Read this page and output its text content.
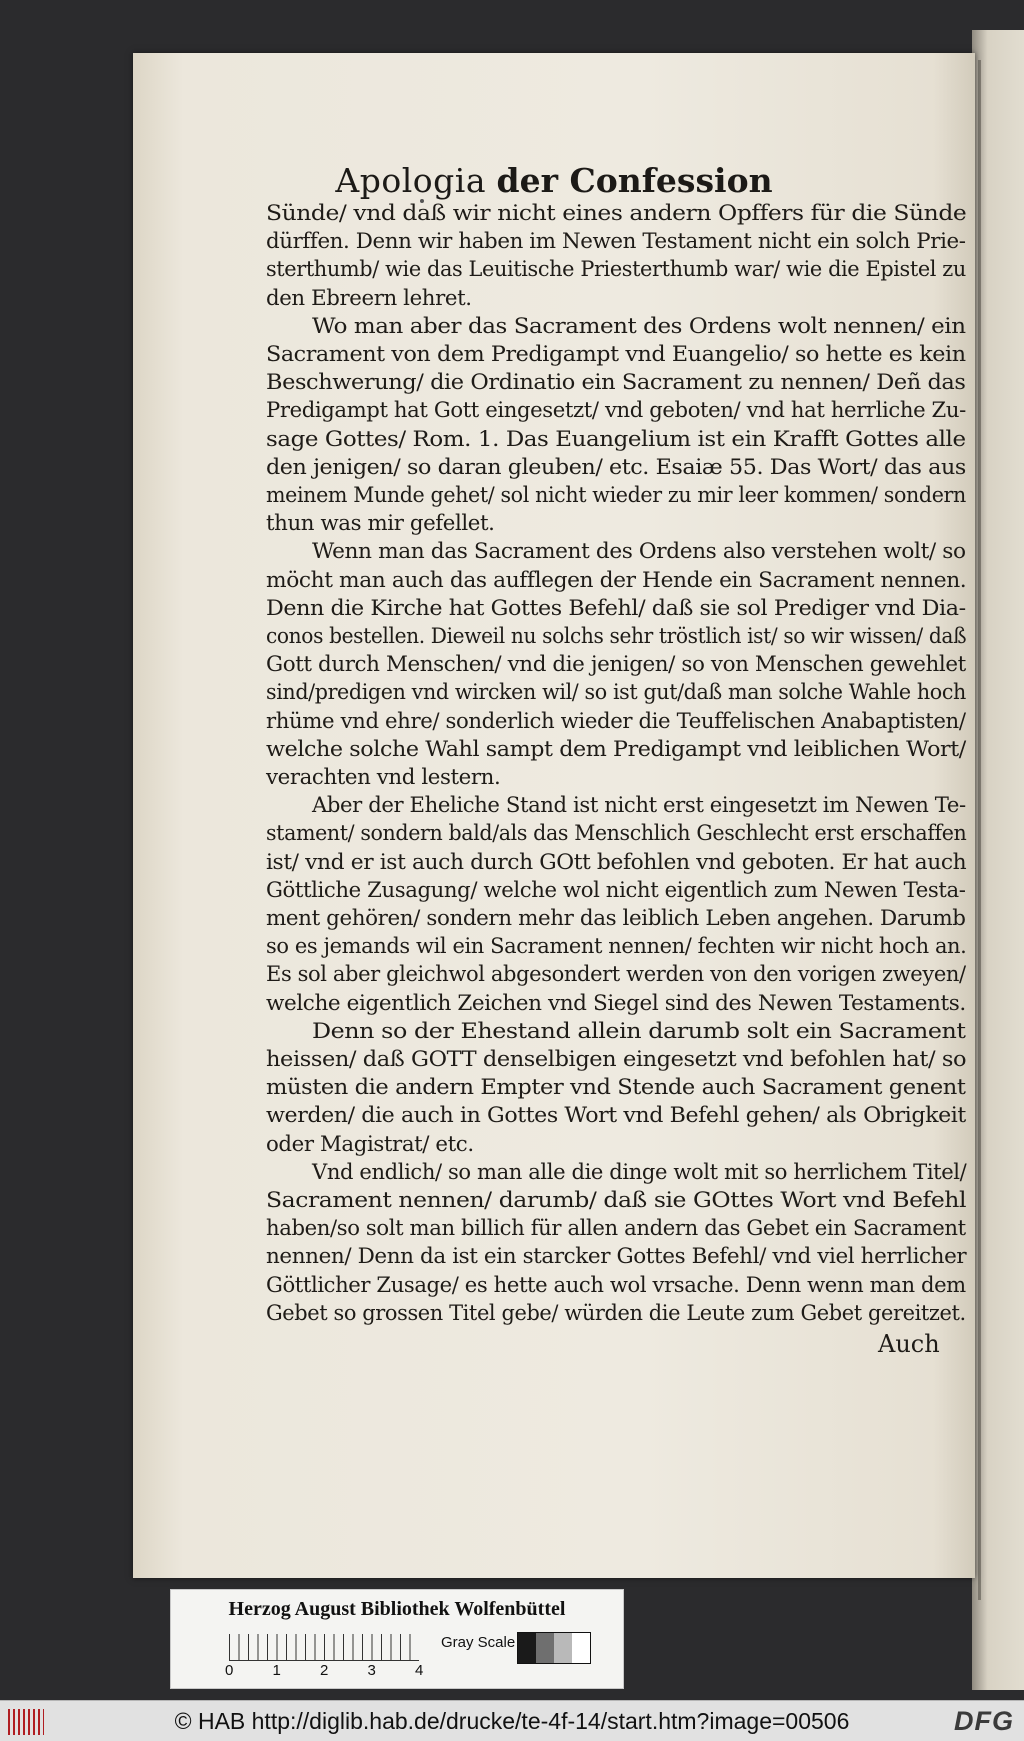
Apologia der Confession
Sünde/ vnd daß wir nicht eines andern Opffers für die Sünde
dürffen. Denn wir haben im Newen Testament nicht ein solch Prie-
sterthumb/ wie das Leuitische Priesterthumb war/ wie die Epistel zu
den Ebreern lehret.
Wo man aber das Sacrament des Ordens wolt nennen/ ein
Sacrament von dem Predigampt vnd Euangelio/ so hette es kein
Beschwerung/ die Ordinatio ein Sacrament zu nennen/ Deñ das
Predigampt hat Gott eingesetzt/ vnd geboten/ vnd hat herrliche Zu-
sage Gottes/ Rom. 1. Das Euangelium ist ein Krafft Gottes alle
den jenigen/ so daran gleuben/ etc. Esaiæ 55. Das Wort/ das aus
meinem Munde gehet/ sol nicht wieder zu mir leer kommen/ sondern
thun was mir gefellet.
Wenn man das Sacrament des Ordens also verstehen wolt/ so
möcht man auch das aufflegen der Hende ein Sacrament nennen.
Denn die Kirche hat Gottes Befehl/ daß sie sol Prediger vnd Dia-
conos bestellen. Dieweil nu solchs sehr tröstlich ist/ so wir wissen/ daß
Gott durch Menschen/ vnd die jenigen/ so von Menschen gewehlet
sind/predigen vnd wircken wil/ so ist gut/daß man solche Wahle hoch
rhüme vnd ehre/ sonderlich wieder die Teuffelischen Anabaptisten/
welche solche Wahl sampt dem Predigampt vnd leiblichen Wort/
verachten vnd lestern.
Aber der Eheliche Stand ist nicht erst eingesetzt im Newen Te-
stament/ sondern bald/als das Menschlich Geschlecht erst erschaffen
ist/ vnd er ist auch durch GOtt befohlen vnd geboten. Er hat auch
Göttliche Zusagung/ welche wol nicht eigentlich zum Newen Testa-
ment gehören/ sondern mehr das leiblich Leben angehen. Darumb
so es jemands wil ein Sacrament nennen/ fechten wir nicht hoch an.
Es sol aber gleichwol abgesondert werden von den vorigen zweyen/
welche eigentlich Zeichen vnd Siegel sind des Newen Testaments.
Denn so der Ehestand allein darumb solt ein Sacrament
heissen/ daß GOTT denselbigen eingesetzt vnd befohlen hat/ so
müsten die andern Empter vnd Stende auch Sacrament genent
werden/ die auch in Gottes Wort vnd Befehl gehen/ als Obrigkeit
oder Magistrat/ etc.
Vnd endlich/ so man alle die dinge wolt mit so herrlichem Titel/
Sacrament nennen/ darumb/ daß sie GOttes Wort vnd Befehl
haben/so solt man billich für allen andern das Gebet ein Sacrament
nennen/ Denn da ist ein starcker Gottes Befehl/ vnd viel herrlicher
Göttlicher Zusage/ es hette auch wol vrsache. Denn wenn man dem
Gebet so grossen Titel gebe/ würden die Leute zum Gebet gereitzet.
Auch
Herzog August Bibliothek Wolfenbüttel
0	1	2	3	4
Gray Scale
© HAB http://diglib.hab.de/drucke/te-4f-14/start.htm?image=00506	DFG
